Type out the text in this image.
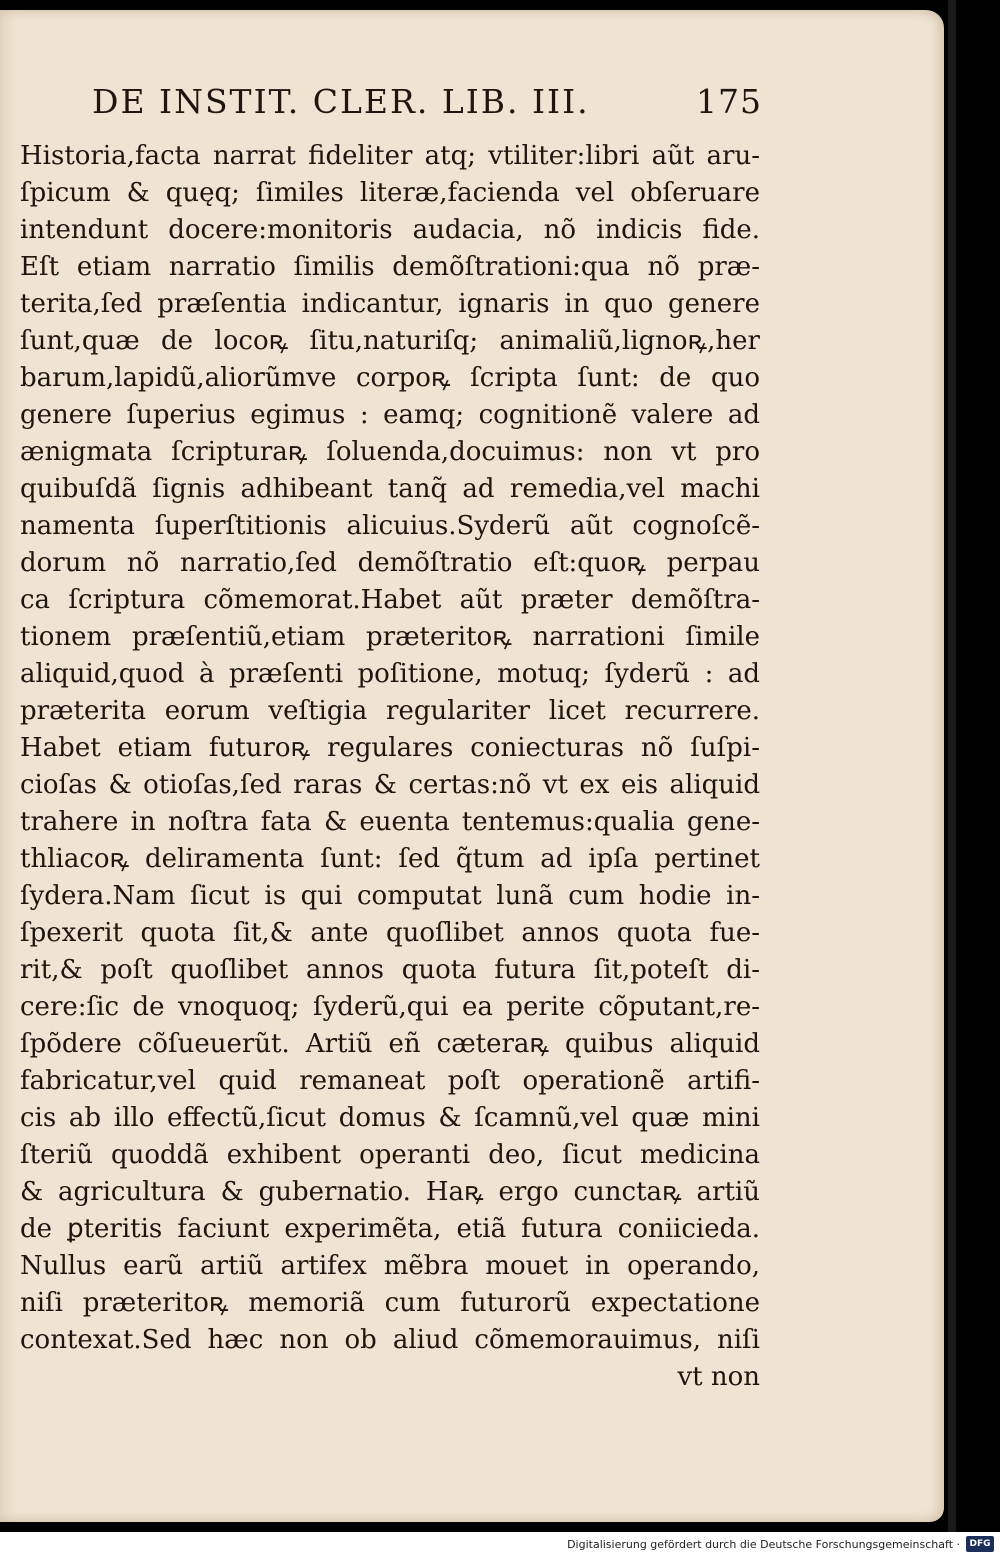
DE INSTIT. CLER. LIB. III.	175
Historia,facta narrat fideliter atq; vtiliter:libri aũt aru-
ſpicum & quęq; ſimiles literæ,facienda vel obſeruare
intendunt docere:monitoris audacia, nõ indicis fide.
Eſt etiam narratio ſimilis demõſtrationi:qua nõ præ-
terita,ſed præſentia indicantur, ignaris in quo genere
ſunt,quæ de locoꝶ ſitu,naturiſq; animaliũ,lignoꝶ,her
barum,lapidũ,aliorũmve corpoꝶ ſcripta ſunt: de quo
genere ſuperius egimus : eamq; cognitionẽ valere ad
ænigmata ſcripturaꝶ ſoluenda,docuimus: non vt pro
quibuſdã ſignis adhibeant tanq̃ ad remedia,vel machi
namenta ſuperſtitionis alicuius.Syderũ aũt cognoſcẽ-
dorum nõ narratio,ſed demõſtratio eſt:quoꝶ perpau
ca ſcriptura cõmemorat.Habet aũt præter demõſtra-
tionem præſentiũ,etiam præteritoꝶ narrationi ſimile
aliquid,quod à præſenti poſitione, motuq; ſyderũ : ad
præterita eorum veſtigia regulariter licet recurrere.
Habet etiam futuroꝶ regulares coniecturas nõ ſuſpi-
cioſas & otioſas,ſed raras & certas:nõ vt ex eis aliquid
trahere in noſtra fata & euenta tentemus:qualia gene-
thliacoꝶ deliramenta ſunt: ſed q̃tum ad ipſa pertinet
ſydera.Nam ſicut is qui computat lunã cum hodie in-
ſpexerit quota ſit,& ante quoſlibet annos quota fue-
rit,& poſt quoſlibet annos quota futura ſit,poteſt di-
cere:ſic de vnoquoq; ſyderũ,qui ea perite cõputant,re-
ſpõdere cõſueuerũt. Artiũ eñ cæteraꝶ quibus aliquid
fabricatur,vel quid remaneat poſt operationẽ artifi-
cis ab illo effectũ,ſicut domus & ſcamnũ,vel quæ mini
ſteriũ quoddã exhibent operanti deo, ſicut medicina
& agricultura & gubernatio. Haꝶ ergo cunctaꝶ artiũ
de ꝑteritis faciunt experimẽta, etiã futura coniicieda.
Nullus earũ artiũ artifex mẽbra mouet in operando,
niſi præteritoꝶ memoriã cum futurorũ expectatione
contexat.Sed hæc non ob aliud cõmemorauimus, niſi
vt non
Digitalisierung gefördert durch die Deutsche Forschungsgemeinschaft ·	DFG
